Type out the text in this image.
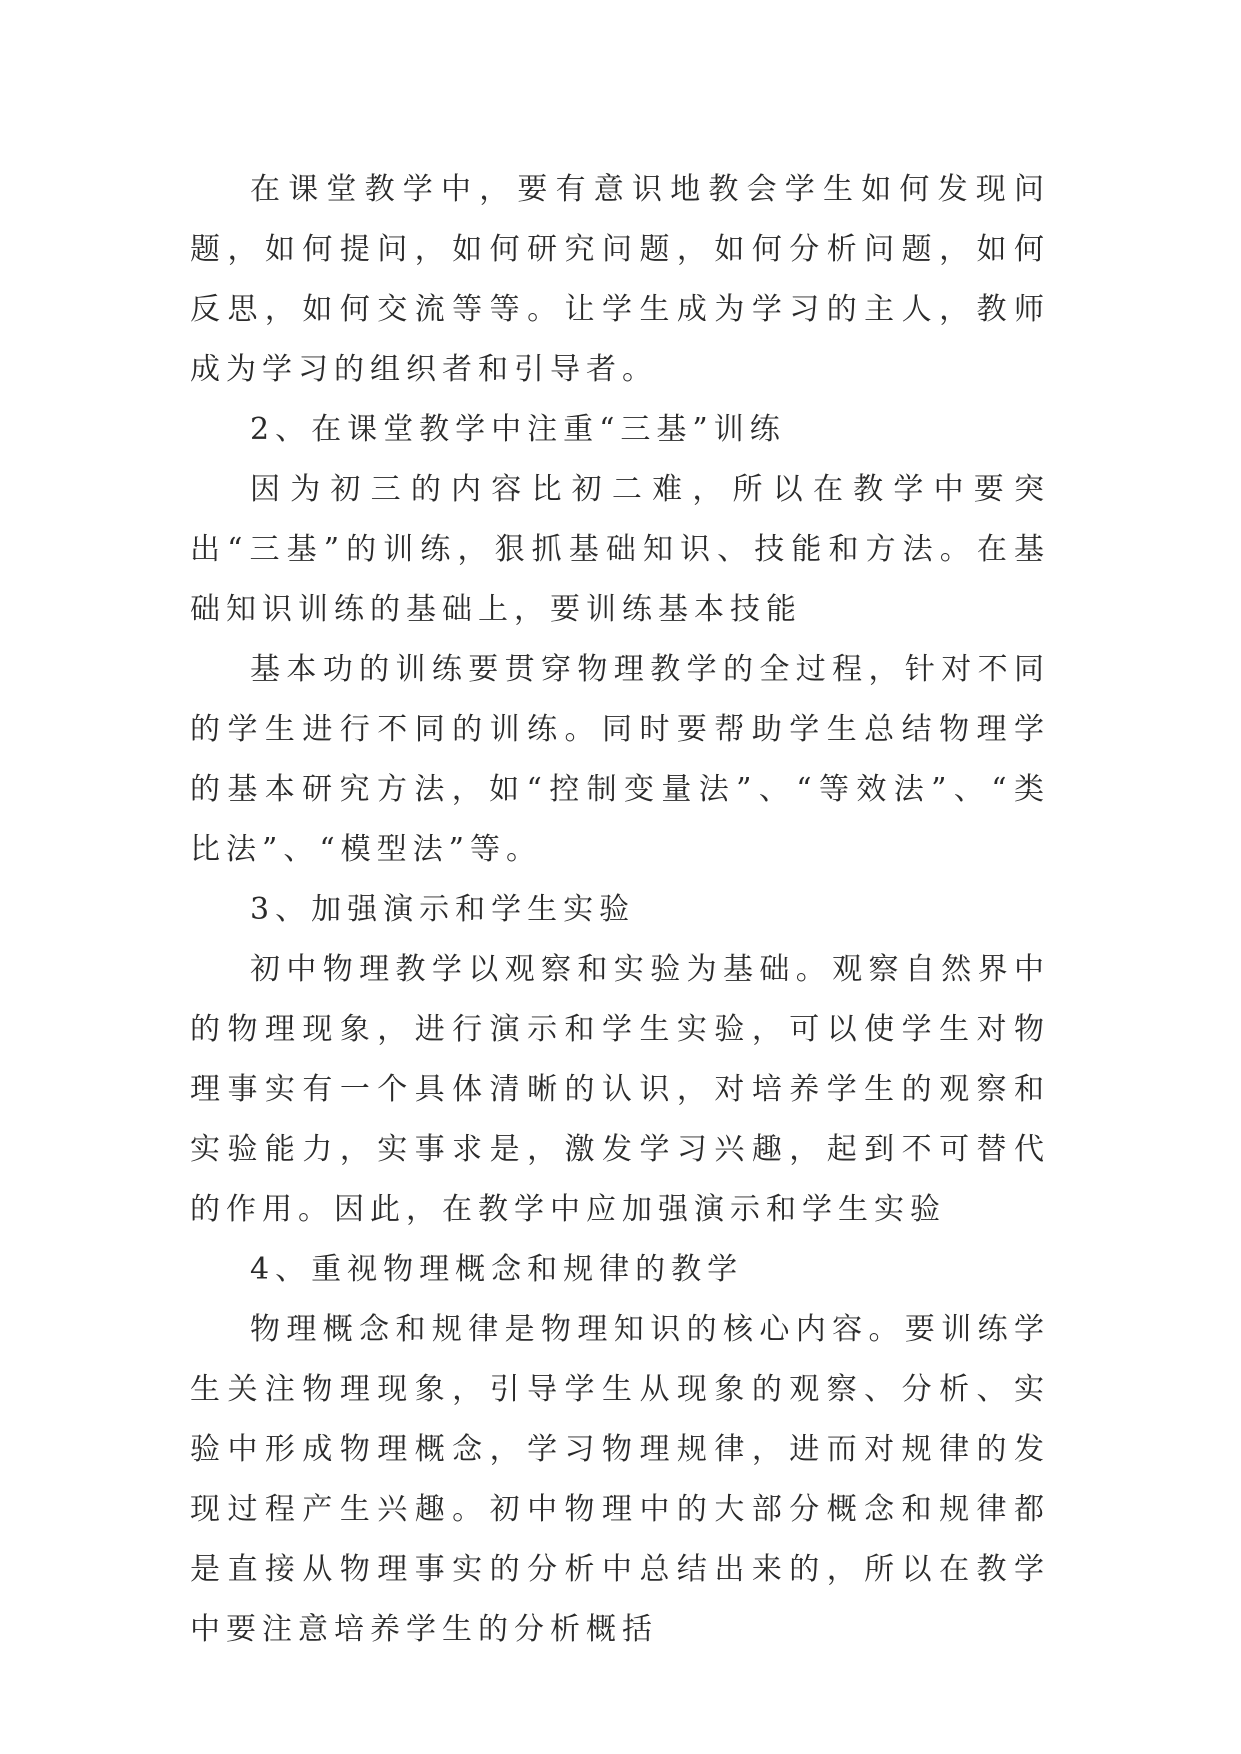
在课堂教学中，要有意识地教会学生如何发现问题，如何提问，如何研究问题，如何分析问题，如何反思，如何交流等等。让学生成为学习的主人，教师成为学习的组织者和引导者。

2、在课堂教学中注重“三基”训练

因为初三的内容比初二难，所以在教学中要突出“三基”的训练，狠抓基础知识、技能和方法。在基础知识训练的基础上，要训练基本技能

基本功的训练要贯穿物理教学的全过程，针对不同的学生进行不同的训练。同时要帮助学生总结物理学的基本研究方法，如“控制变量法”、“等效法”、“类比法”、“模型法”等。

3、加强演示和学生实验

初中物理教学以观察和实验为基础。观察自然界中的物理现象，进行演示和学生实验，可以使学生对物理事实有一个具体清晰的认识，对培养学生的观察和实验能力，实事求是，激发学习兴趣，起到不可替代的作用。因此，在教学中应加强演示和学生实验

4、重视物理概念和规律的教学

物理概念和规律是物理知识的核心内容。要训练学生关注物理现象，引导学生从现象的观察、分析、实验中形成物理概念，学习物理规律，进而对规律的发现过程产生兴趣。初中物理中的大部分概念和规律都是直接从物理事实的分析中总结出来的，所以在教学中要注意培养学生的分析概括
